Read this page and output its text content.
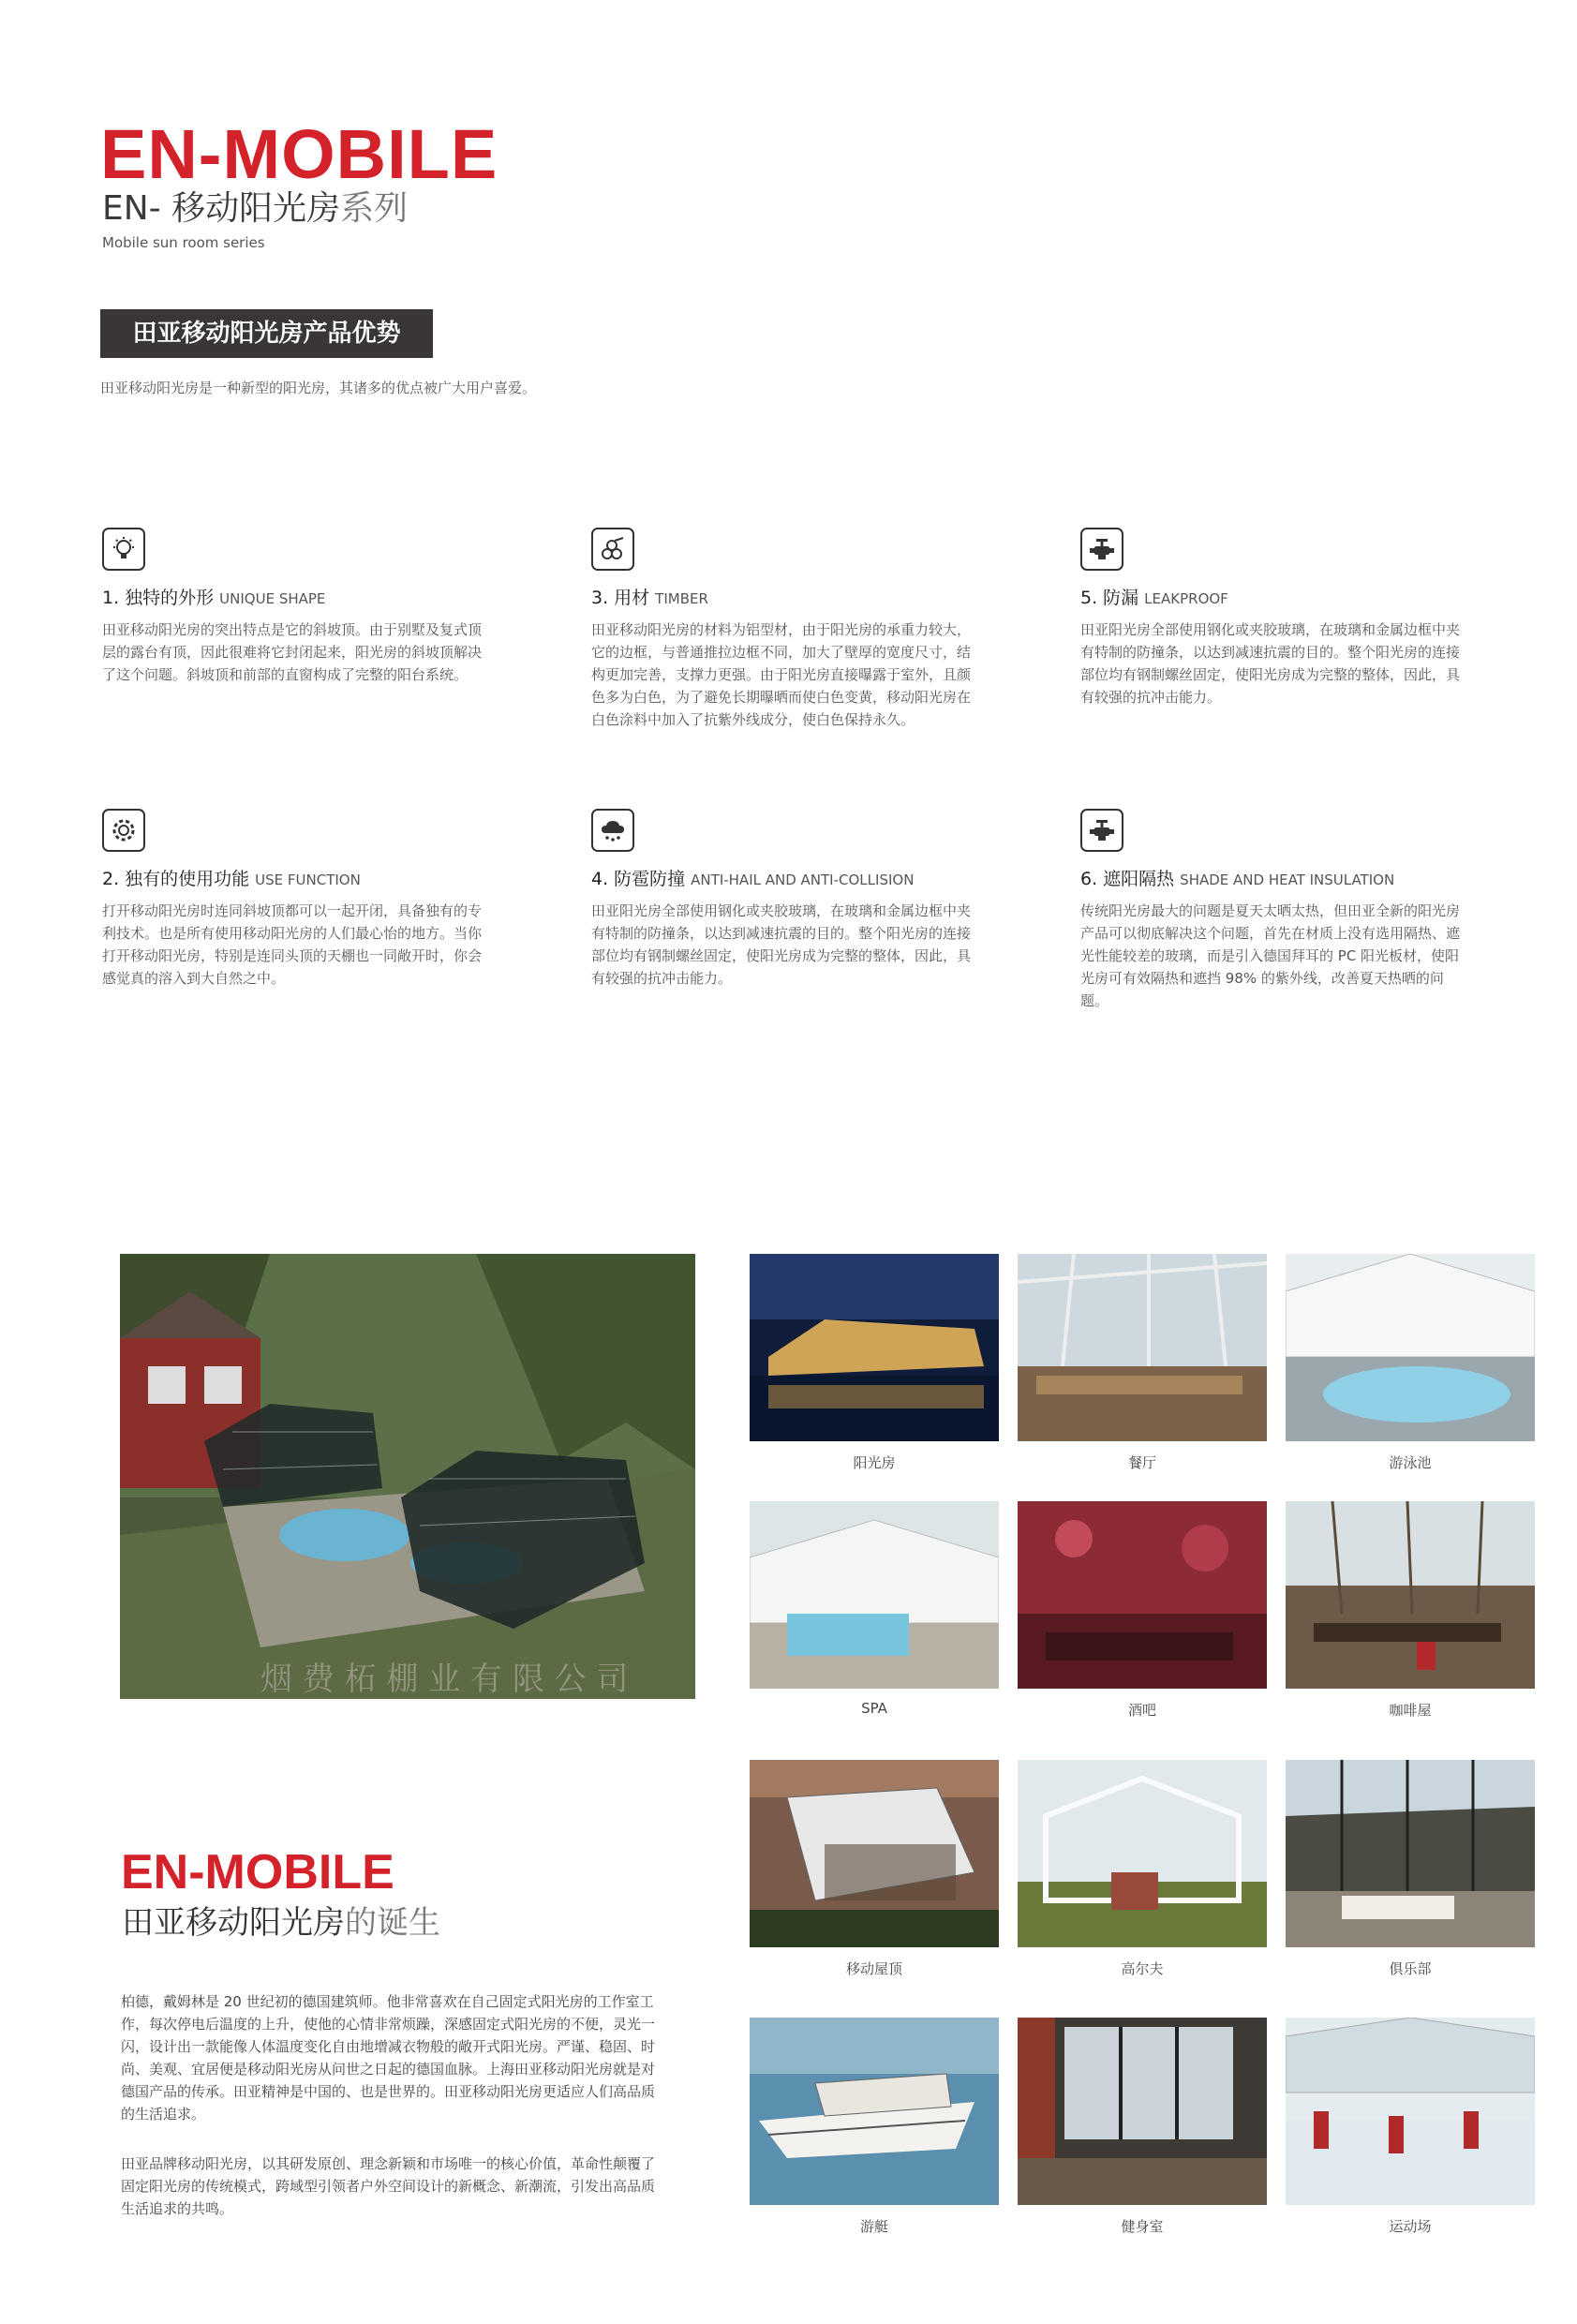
EN-MOBILE
EN- 移动阳光房系列
Mobile sun room series
田亚移动阳光房产品优势
田亚移动阳光房是一种新型的阳光房，其诸多的优点被广大用户喜爱。
1. 独特的外形 UNIQUE SHAPE
田亚移动阳光房的突出特点是它的斜坡顶。由于别墅及复式顶层的露台有顶，因此很难将它封闭起来，阳光房的斜坡顶解决了这个问题。斜坡顶和前部的直窗构成了完整的阳台系统。
2. 独有的使用功能 USE FUNCTION
打开移动阳光房时连同斜坡顶都可以一起开闭，具备独有的专利技术。也是所有使用移动阳光房的人们最心怡的地方。当你打开移动阳光房，特别是连同头顶的天棚也一同敞开时，你会感觉真的溶入到大自然之中。
3. 用材 TIMBER
田亚移动阳光房的材料为铝型材，由于阳光房的承重力较大，它的边框，与普通推拉边框不同，加大了壁厚的宽度尺寸，结构更加完善，支撑力更强。由于阳光房直接曝露于室外，且颜色多为白色，为了避免长期曝晒而使白色变黄，移动阳光房在白色涂料中加入了抗紫外线成分，使白色保持永久。
4. 防雹防撞 ANTI-HAIL AND ANTI-COLLISION
田亚阳光房全部使用钢化或夹胶玻璃，在玻璃和金属边框中夹有特制的防撞条，以达到减速抗震的目的。整个阳光房的连接部位均有钢制螺丝固定，使阳光房成为完整的整体，因此，具有较强的抗冲击能力。
5. 防漏 LEAKPROOF
田亚阳光房全部使用钢化或夹胶玻璃，在玻璃和金属边框中夹有特制的防撞条，以达到减速抗震的目的。整个阳光房的连接部位均有钢制螺丝固定，使阳光房成为完整的整体，因此，具有较强的抗冲击能力。
6. 遮阳隔热 SHADE AND HEAT INSULATION
传统阳光房最大的问题是夏天太晒太热，但田亚全新的阳光房产品可以彻底解决这个问题，首先在材质上没有选用隔热、遮光性能较差的玻璃，而是引入德国拜耳的 PC 阳光板材，使阳光房可有效隔热和遮挡 98% 的紫外线，改善夏天热晒的问题。
烟 费 柘 棚 业 有 限 公 司
阳光房	餐厅	游泳池
SPA	酒吧	咖啡屋
移动屋顶	高尔夫	俱乐部
游艇	健身室	运动场
EN-MOBILE
田亚移动阳光房的诞生
柏德，戴姆林是 20 世纪初的德国建筑师。他非常喜欢在自己固定式阳光房的工作室工作，每次停电后温度的上升，使他的心情非常烦躁，深感固定式阳光房的不便，灵光一闪，设计出一款能像人体温度变化自由地增减衣物般的敞开式阳光房。严谨、稳固、时尚、美观、宜居便是移动阳光房从问世之日起的德国血脉。上海田亚移动阳光房就是对德国产品的传承。田亚精神是中国的、也是世界的。田亚移动阳光房更适应人们高品质的生活追求。
田亚品牌移动阳光房，以其研发原创、理念新颖和市场唯一的核心价值，革命性颠覆了固定阳光房的传统模式，跨域型引领者户外空间设计的新概念、新潮流，引发出高品质生活追求的共鸣。
